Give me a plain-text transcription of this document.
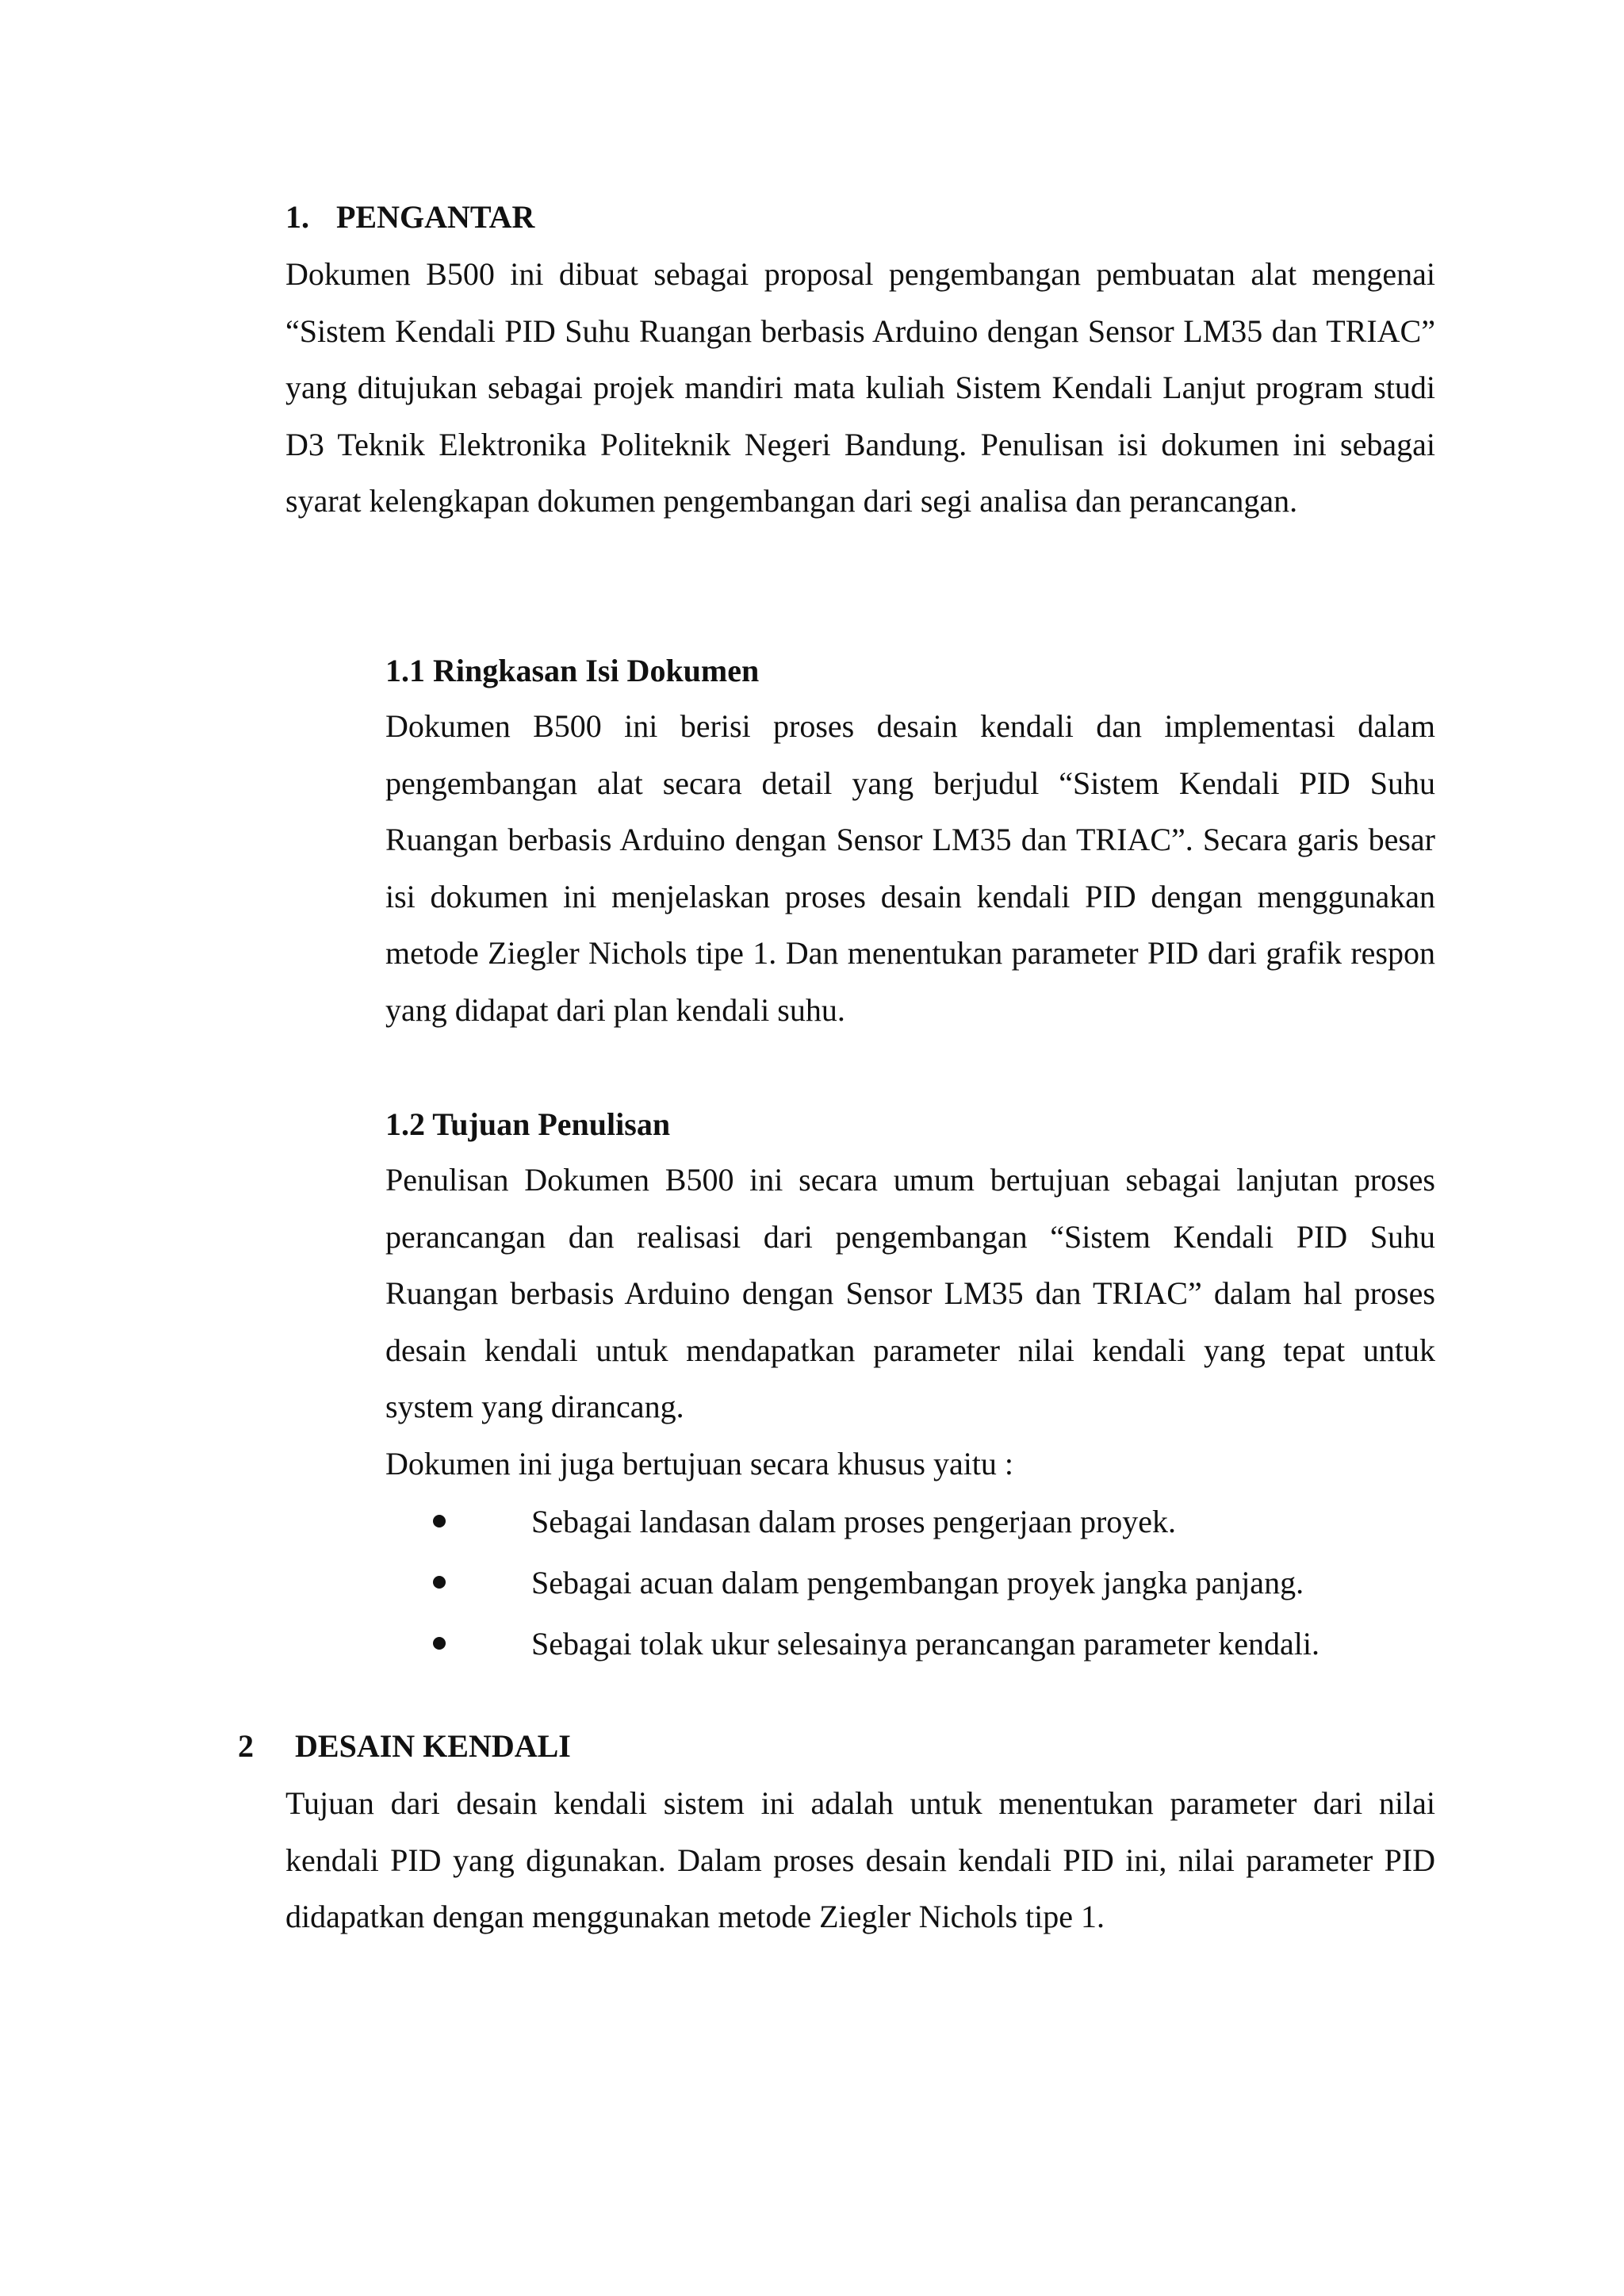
1. PENGANTAR

Dokumen B500 ini dibuat sebagai proposal pengembangan pembuatan alat mengenai “Sistem Kendali PID Suhu Ruangan berbasis Arduino dengan Sensor LM35 dan TRIAC” yang ditujukan sebagai projek mandiri mata kuliah Sistem Kendali Lanjut program studi D3 Teknik Elektronika Politeknik Negeri Bandung. Penulisan isi dokumen ini sebagai syarat kelengkapan dokumen pengembangan dari segi analisa dan perancangan.

1.1 Ringkasan Isi Dokumen

Dokumen B500 ini berisi proses desain kendali dan implementasi dalam pengembangan alat secara detail yang berjudul “Sistem Kendali PID Suhu Ruangan berbasis Arduino dengan Sensor LM35 dan TRIAC”. Secara garis besar isi dokumen ini menjelaskan proses desain kendali PID dengan menggunakan metode Ziegler Nichols tipe 1. Dan menentukan parameter PID dari grafik respon yang didapat dari plan kendali suhu.

1.2 Tujuan Penulisan

Penulisan Dokumen B500 ini secara umum bertujuan sebagai lanjutan proses perancangan dan realisasi dari pengembangan “Sistem Kendali PID Suhu Ruangan berbasis Arduino dengan Sensor LM35 dan TRIAC” dalam hal proses desain kendali untuk mendapatkan parameter nilai kendali yang tepat untuk system yang dirancang.

Dokumen ini juga bertujuan secara khusus yaitu :

Sebagai landasan dalam proses pengerjaan proyek.
Sebagai acuan dalam pengembangan proyek jangka panjang.
Sebagai tolak ukur selesainya perancangan parameter kendali.
2 DESAIN KENDALI

Tujuan dari desain kendali sistem ini adalah untuk menentukan parameter dari nilai kendali PID yang digunakan. Dalam proses desain kendali PID ini, nilai parameter PID didapatkan dengan menggunakan metode Ziegler Nichols tipe 1.
